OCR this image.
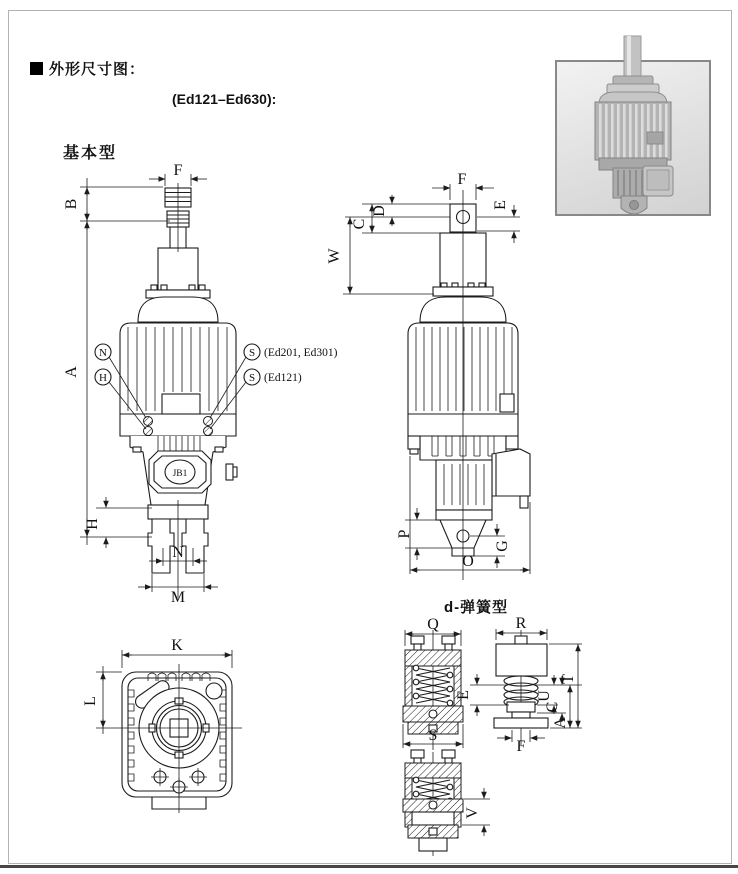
外形尺寸图：
(Ed121–Ed630):
基本型
d-弹簧型
JB1
F
B
A
H
N
M
N
H
S (Ed201, Ed301)
S (Ed121)
F
D
C
W
E
P
G
O
K
L
Q
S
R
E	U
C
A
T
F
V
